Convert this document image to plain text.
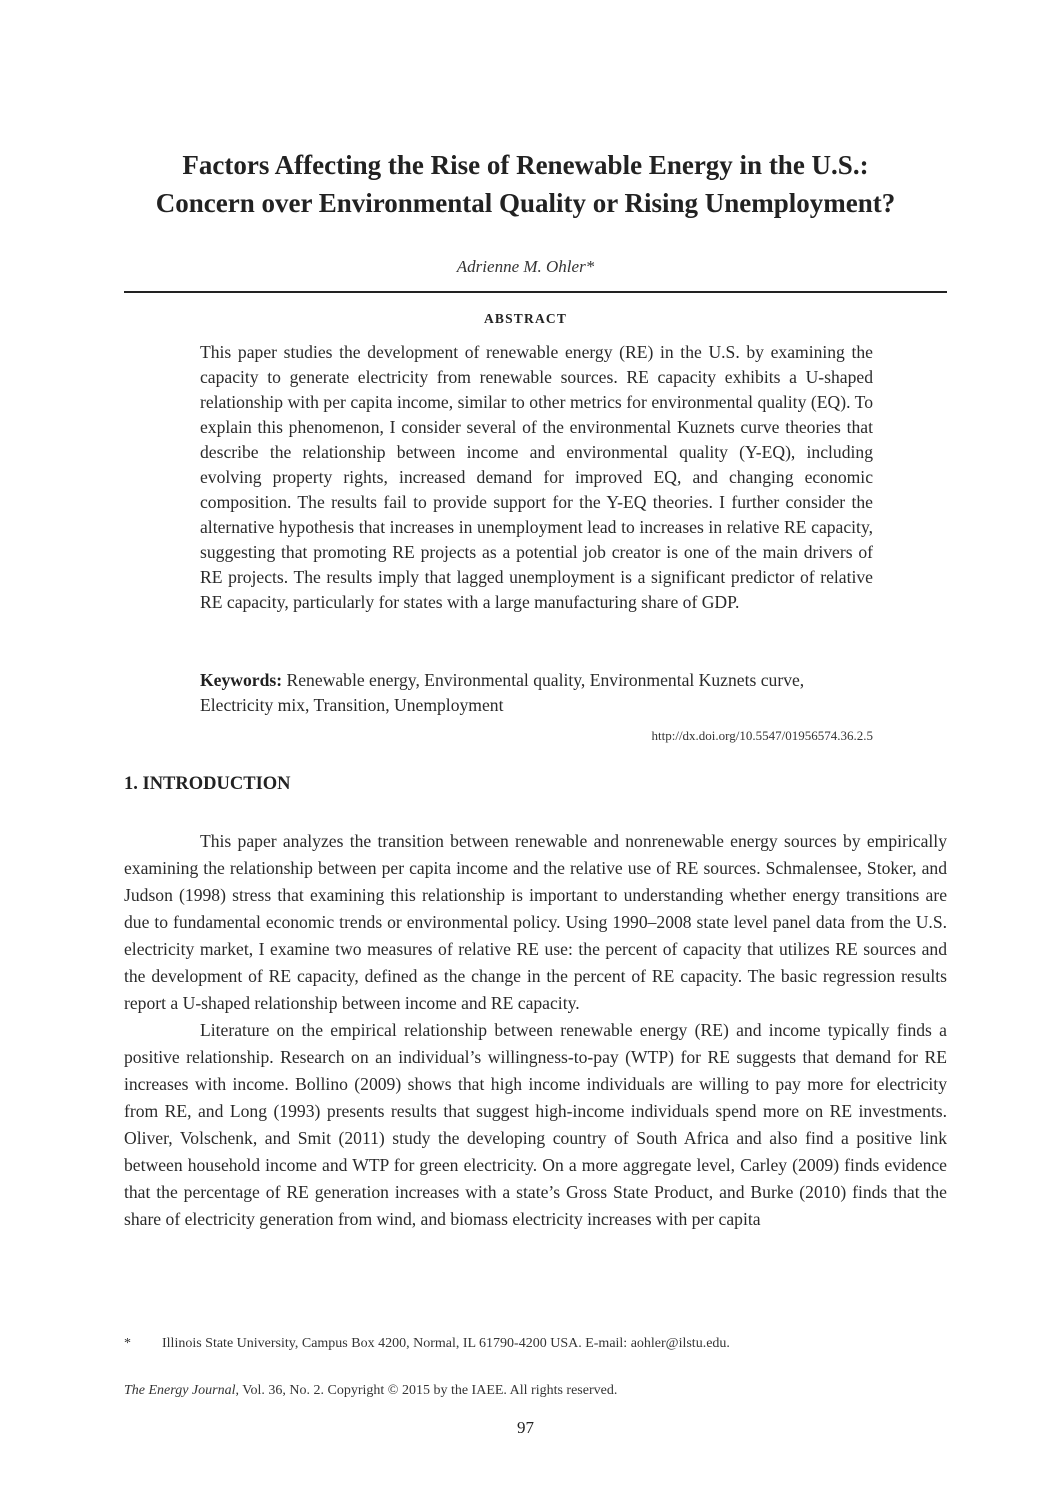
Factors Affecting the Rise of Renewable Energy in the U.S.:
Concern over Environmental Quality or Rising Unemployment?
Adrienne M. Ohler*
ABSTRACT

This paper studies the development of renewable energy (RE) in the U.S. by examining the capacity to generate electricity from renewable sources. RE capacity exhibits a U-shaped relationship with per capita income, similar to other metrics for environmental quality (EQ). To explain this phenomenon, I consider several of the environmental Kuznets curve theories that describe the relationship between income and environmental quality (Y-EQ), including evolving property rights, increased demand for improved EQ, and changing economic composition. The results fail to provide support for the Y-EQ theories. I further consider the alternative hypothesis that increases in unemployment lead to increases in relative RE capacity, suggesting that promoting RE projects as a potential job creator is one of the main drivers of RE projects. The results imply that lagged unemployment is a significant predictor of relative RE capacity, particularly for states with a large manufacturing share of GDP.

Keywords: Renewable energy, Environmental quality, Environmental Kuznets curve, Electricity mix, Transition, Unemployment
http://dx.doi.org/10.5547/01956574.36.2.5
1. INTRODUCTION

This paper analyzes the transition between renewable and nonrenewable energy sources by empirically examining the relationship between per capita income and the relative use of RE sources. Schmalensee, Stoker, and Judson (1998) stress that examining this relationship is important to understanding whether energy transitions are due to fundamental economic trends or environmental policy. Using 1990–2008 state level panel data from the U.S. electricity market, I examine two measures of relative RE use: the percent of capacity that utilizes RE sources and the development of RE capacity, defined as the change in the percent of RE capacity. The basic regression results report a U-shaped relationship between income and RE capacity.

Literature on the empirical relationship between renewable energy (RE) and income typically finds a positive relationship. Research on an individual’s willingness-to-pay (WTP) for RE suggests that demand for RE increases with income. Bollino (2009) shows that high income individuals are willing to pay more for electricity from RE, and Long (1993) presents results that suggest high-income individuals spend more on RE investments. Oliver, Volschenk, and Smit (2011) study the developing country of South Africa and also find a positive link between household income and WTP for green electricity. On a more aggregate level, Carley (2009) finds evidence that the percentage of RE generation increases with a state’s Gross State Product, and Burke (2010) finds that the share of electricity generation from wind, and biomass electricity increases with per capita

* Illinois State University, Campus Box 4200, Normal, IL 61790-4200 USA. E-mail: aohler@ilstu.edu.
The Energy Journal, Vol. 36, No. 2. Copyright © 2015 by the IAEE. All rights reserved.
97
